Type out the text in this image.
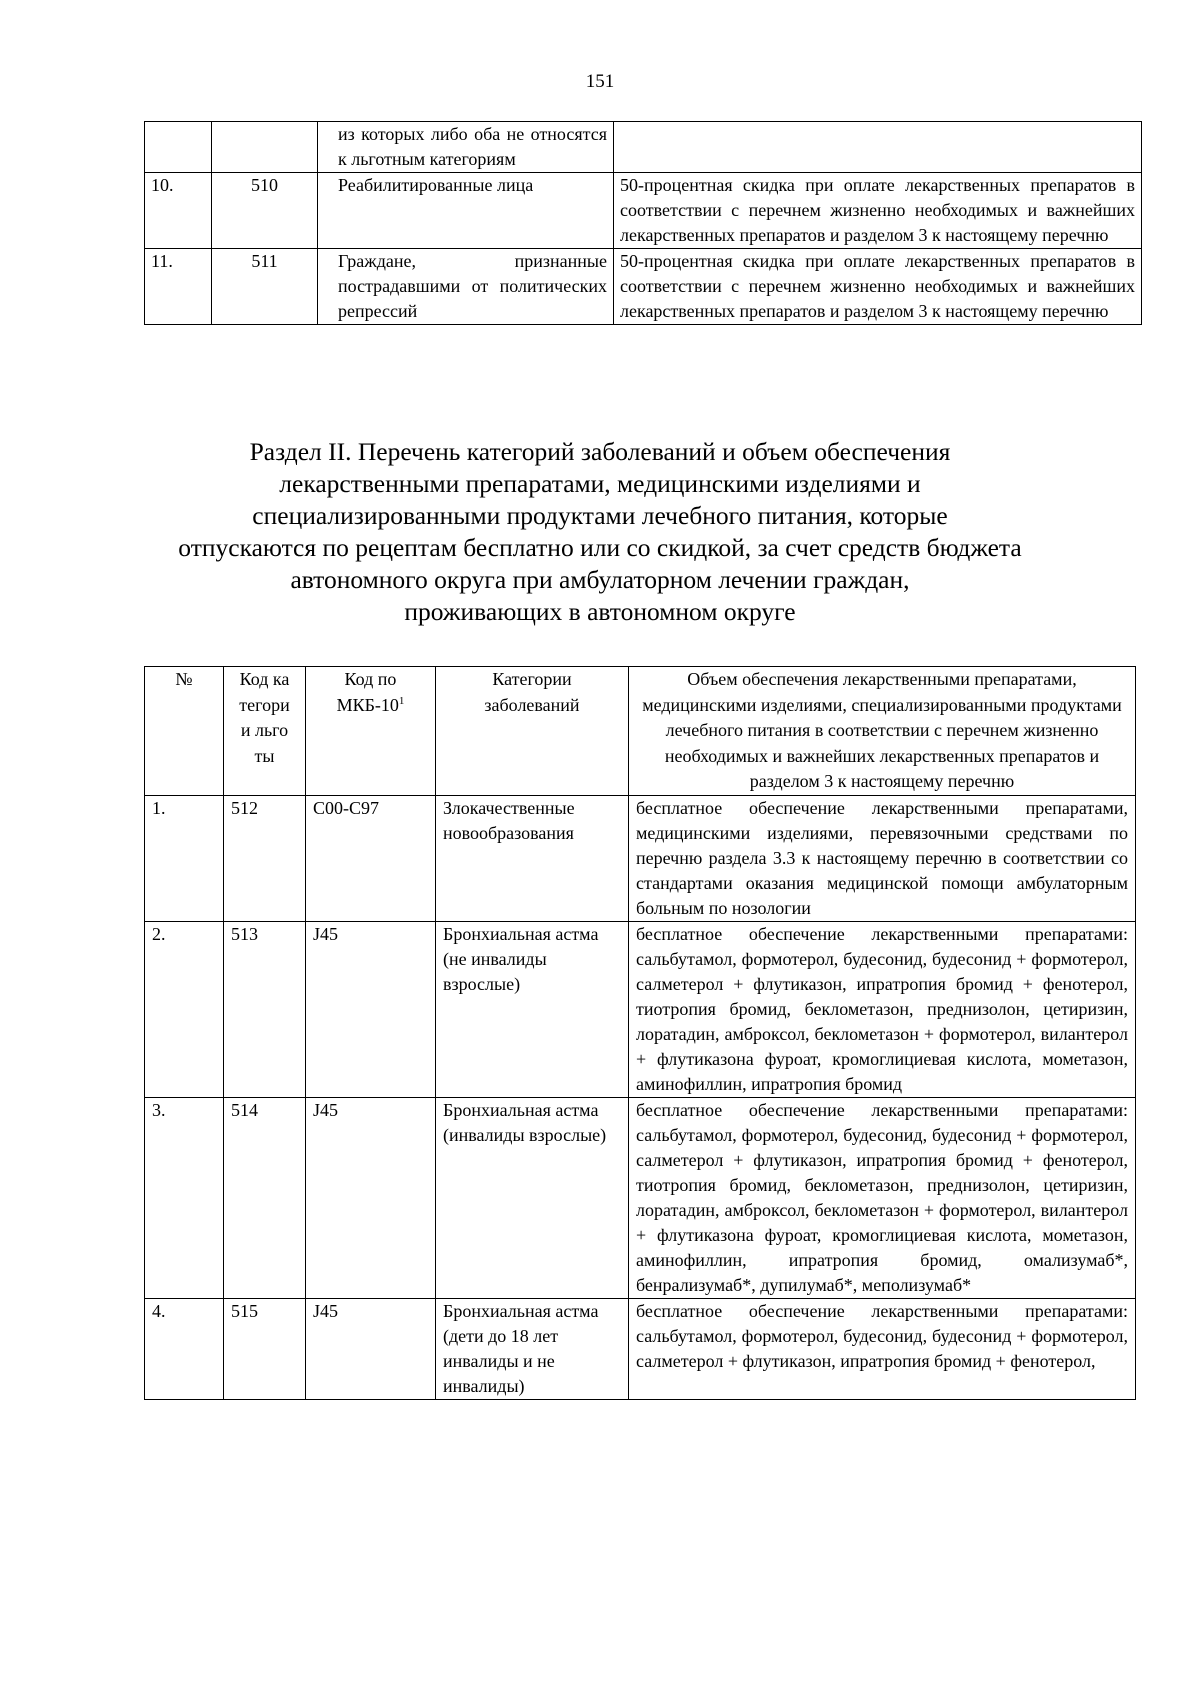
151

		из которых либо оба не относятся к льготным категориям	

10.	510	Реабилитированные лица	50-процентная скидка при оплате лекарственных препаратов в соответствии с перечнем жизненно необходимых и важнейших лекарственных препаратов и разделом 3 к настоящему перечню

11.	511	Граждане, признанные пострадавшими от политических репрессий	50-процентная скидка при оплате лекарственных препаратов в соответствии с перечнем жизненно необходимых и важнейших лекарственных препаратов и разделом 3 к настоящему перечню
Раздел II. Перечень категорий заболеваний и объем обеспечения
лекарственными препаратами, медицинскими изделиями и
специализированными продуктами лечебного питания, которые
отпускаются по рецептам бесплатно или со скидкой, за счет средств бюджета
автономного округа при амбулаторном лечении граждан,
проживающих в автономном округе
№	Код категории льготы	Код по МКБ-$10^1$	Категории заболеваний	Объем обеспечения лекарственными препаратами, медицинскими изделиями, специализированными продуктами лечебного питания в соответствии с перечнем жизненно необходимых и важнейших лекарственных препаратов и разделом 3 к настоящему перечню

1.	512	C00-C97	Злокачественные новообразования	бесплатное обеспечение лекарственными препаратами, медицинскими изделиями, перевязочными средствами по перечню раздела 3.3 к настоящему перечню в соответствии со стандартами оказания медицинской помощи амбулаторным больным по нозологии

2.	513	J45	Бронхиальная астма (не инвалиды взрослые)	бесплатное обеспечение лекарственными препаратами: сальбутамол, формотерол, будесонид, будесонид + формотерол, салметерол + флутиказон, ипратропия бромид + фенотерол, тиотропия бромид, беклометазон, преднизолон, цетиризин, лоратадин, амброксол, беклометазон + формотерол, вилантерол + флутиказона фуроат, кромоглициевая кислота, мометазон, аминофиллин, ипратропия бромид

3.	514	J45	Бронхиальная астма (инвалиды взрослые)	бесплатное обеспечение лекарственными препаратами: сальбутамол, формотерол, будесонид, будесонид + формотерол, салметерол + флутиказон, ипратропия бромид + фенотерол, тиотропия бромид, беклометазон, преднизолон, цетиризин, лоратадин, амброксол, беклометазон + формотерол, вилантерол + флутиказона фуроат, кромоглициевая кислота, мометазон, аминофиллин, ипратропия бромид, омализумаб*, бенрализумаб*, дупилумаб*, меполизумаб*

4.	515	J45	Бронхиальная астма (дети до 18 лет инвалиды и не инвалиды)	бесплатное обеспечение лекарственными препаратами: сальбутамол, формотерол, будесонид, будесонид + формотерол, салметерол + флутиказон, ипратропия бромид + фенотерол,
